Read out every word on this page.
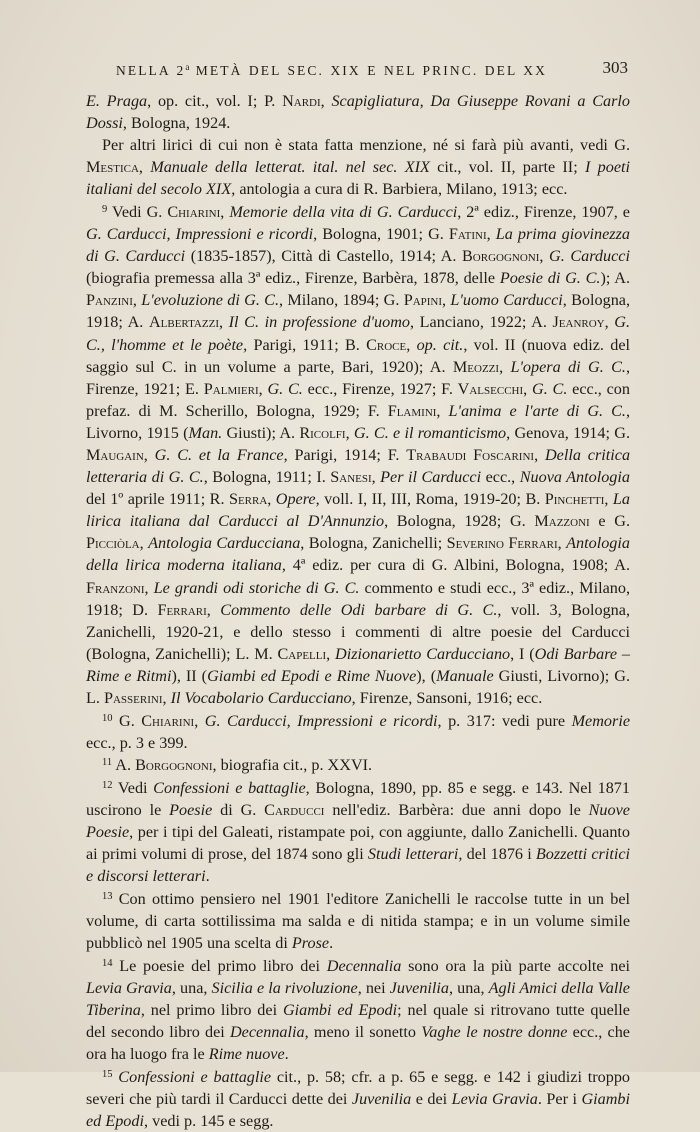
NELLA 2$^a$ METÀ DEL SEC. XIX E NEL PRINC. DEL XX	303

E. Praga, op. cit., vol. I; P. Nardi, Scapigliatura, Da Giuseppe Rovani a Carlo Dossi, Bologna, 1924.

Per altri lirici di cui non è stata fatta menzione, né si farà più avanti, vedi G. Mestica, Manuale della letterat. ital. nel sec. XIX cit., vol. II, parte II; I poeti italiani del secolo XIX, antologia a cura di R. Barbiera, Milano, 1913; ecc.

$^9$ Vedi G. Chiarini, Memorie della vita di G. Carducci, 2ª ediz., Firenze, 1907, e G. Carducci, Impressioni e ricordi, Bologna, 1901; G. Fatini, La prima giovinezza di G. Carducci (1835-1857), Città di Castello, 1914; A. Borgognoni, G. Carducci (biografia premessa alla 3ª ediz., Firenze, Barbèra, 1878, delle Poesie di G. C.); A. Panzini, L'evoluzione di G. C., Milano, 1894; G. Papini, L'uomo Carducci, Bologna, 1918; A. Albertazzi, Il C. in professione d'uomo, Lanciano, 1922; A. Jeanroy, G. C., l'homme et le poète, Parigi, 1911; B. Croce, op. cit., vol. II (nuova ediz. del saggio sul C. in un volume a parte, Bari, 1920); A. Meozzi, L'opera di G. C., Firenze, 1921; E. Palmieri, G. C. ecc., Firenze, 1927; F. Valsecchi, G. C. ecc., con prefaz. di M. Scherillo, Bologna, 1929; F. Flamini, L'anima e l'arte di G. C., Livorno, 1915 (Man. Giusti); A. Ricolfi, G. C. e il romanticismo, Genova, 1914; G. Maugain, G. C. et la France, Parigi, 1914; F. Trabaudi Foscarini, Della critica letteraria di G. C., Bologna, 1911; I. Sanesi, Per il Carducci ecc., Nuova Antologia del 1º aprile 1911; R. Serra, Opere, voll. I, II, III, Roma, 1919-20; B. Pinchetti, La lirica italiana dal Carducci al D'Annunzio, Bologna, 1928; G. Mazzoni e G. Picciòla, Antologia Carducciana, Bologna, Zanichelli; Severino Ferrari, Antologia della lirica moderna italiana, 4ª ediz. per cura di G. Albini, Bologna, 1908; A. Franzoni, Le grandi odi storiche di G. C. commento e studi ecc., 3ª ediz., Milano, 1918; D. Ferrari, Commento delle Odi barbare di G. C., voll. 3, Bologna, Zanichelli, 1920-21, e dello stesso i commenti di altre poesie del Carducci (Bologna, Zanichelli); L. M. Capelli, Dizionarietto Carducciano, I (Odi Barbare – Rime e Ritmi), II (Giambi ed Epodi e Rime Nuove), (Manuale Giusti, Livorno); G. L. Passerini, Il Vocabolario Carducciano, Firenze, Sansoni, 1916; ecc.

$^{10}$ G. Chiarini, G. Carducci, Impressioni e ricordi, p. 317: vedi pure Memorie ecc., p. 3 e 399.

$^{11}$ A. Borgognoni, biografia cit., p. XXVI.

$^{12}$ Vedi Confessioni e battaglie, Bologna, 1890, pp. 85 e segg. e 143. Nel 1871 uscirono le Poesie di G. Carducci nell'ediz. Barbèra: due anni dopo le Nuove Poesie, per i tipi del Galeati, ristampate poi, con aggiunte, dallo Zanichelli. Quanto ai primi volumi di prose, del 1874 sono gli Studi letterari, del 1876 i Bozzetti critici e discorsi letterari.

$^{13}$ Con ottimo pensiero nel 1901 l'editore Zanichelli le raccolse tutte in un bel volume, di carta sottilissima ma salda e di nitida stampa; e in un volume simile pubblicò nel 1905 una scelta di Prose.

$^{14}$ Le poesie del primo libro dei Decennalia sono ora la più parte accolte nei Levia Gravia, una, Sicilia e la rivoluzione, nei Juvenilia, una, Agli Amici della Valle Tiberina, nel primo libro dei Giambi ed Epodi; nel quale si ritrovano tutte quelle del secondo libro dei Decennalia, meno il sonetto Vaghe le nostre donne ecc., che ora ha luogo fra le Rime nuove.

$^{15}$ Confessioni e battaglie cit., p. 58; cfr. a p. 65 e segg. e 142 i giudizi troppo severi che più tardi il Carducci dette dei Juvenilia e dei Levia Gravia. Per i Giambi ed Epodi, vedi p. 145 e segg.
